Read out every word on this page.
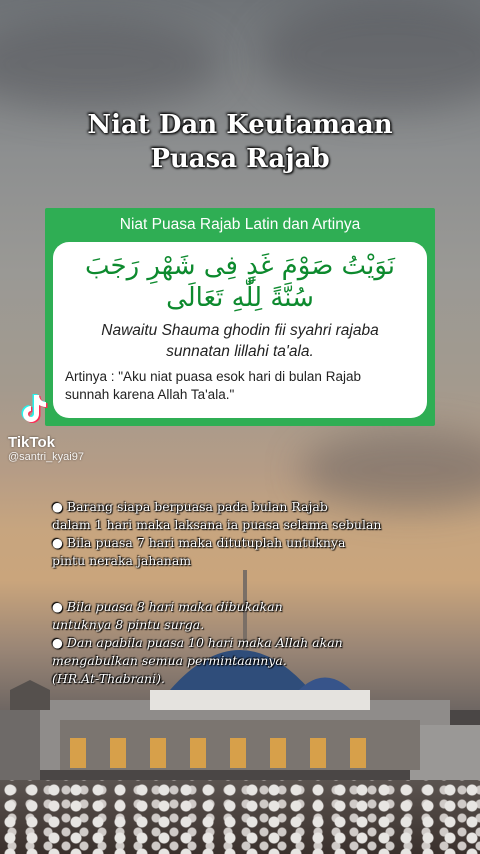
Niat Dan Keutamaan
Puasa Rajab
Niat Puasa Rajab Latin dan Artinya
نَوَيْتُ صَوْمَ غَدٍ فِى شَهْرِ رَجَبَ
سُنَّةً لِلّٰهِ تَعَالَى
Nawaitu Shauma ghodin fii syahri rajaba
sunnatan lillahi ta'ala.
Artinya : "Aku niat puasa esok hari di bulan Rajab
sunnah karena Allah Ta'ala."
TikTok
@santri_kyai97

● Barang siapa berpuasa pada bulan Rajab

dalam 1 hari maka laksana ia puasa selama sebulan

● Bila puasa 7 hari maka ditutuplah untuknya

pintu neraka jahanam

● Bila puasa 8 hari maka dibukakan

untuknya 8 pintu surga.

● Dan apabila puasa 10 hari maka Allah akan

mengabulkan semua permintaannya.

(HR.At-Thabrani).
